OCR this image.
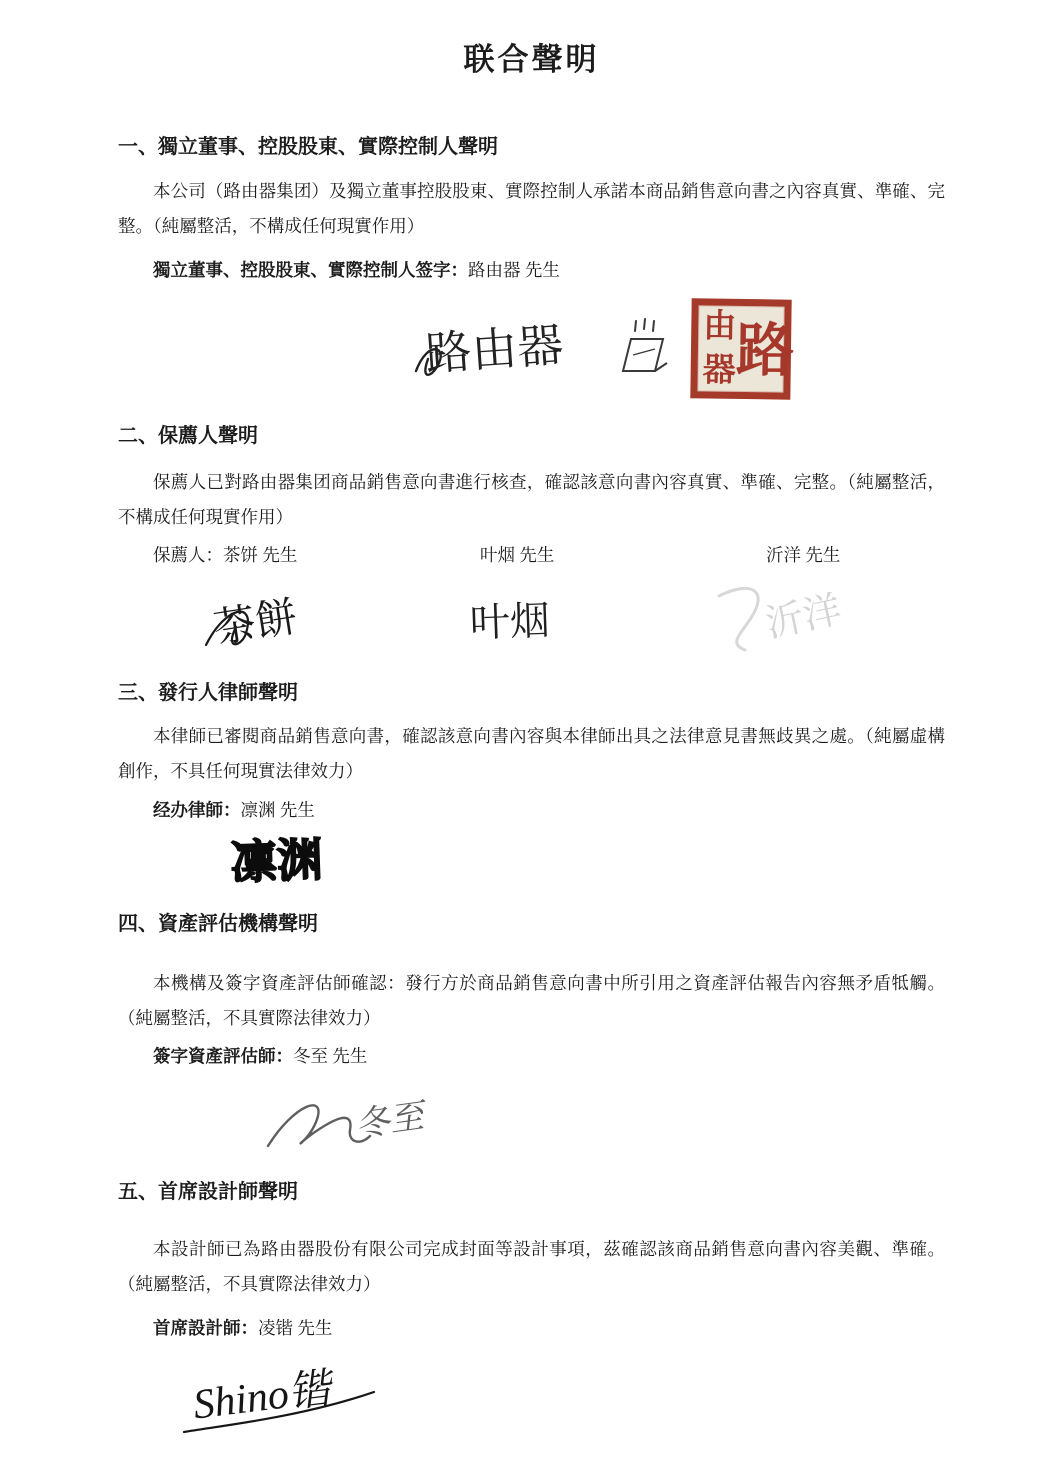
联合聲明
一、獨立董事、控股股東、實際控制人聲明

本公司（路由器集团）及獨立董事控股股東、實際控制人承諾本商品銷售意向書之內容真實、準確、完整。（純屬整活，不構成任何現實作用）

獨立董事、控股股東、實際控制人签字：路由器 先生

路由器	由
器 路
二、保薦人聲明

保薦人已對路由器集团商品銷售意向書進行核查，確認該意向書內容真實、準確、完整。（純屬整活，不構成任何現實作用）

保薦人：茶饼 先生	叶烟 先生	沂洋 先生
茶餅	叶烟	沂洋
三、發行人律師聲明

本律師已審閱商品銷售意向書，確認該意向書內容與本律師出具之法律意見書無歧異之處。（純屬虛構創作，不具任何現實法律效力）

经办律師：凛渊 先生

凛渊
四、資產評估機構聲明

本機構及簽字資產評估師確認：發行方於商品銷售意向書中所引用之資產評估報告內容無矛盾牴觸。（純屬整活，不具實際法律效力）

簽字資產評估師：冬至 先生

冬至
五、首席設計師聲明

本設計師已為路由器股份有限公司完成封面等設計事項，茲確認該商品銷售意向書內容美觀、準確。（純屬整活，不具實際法律效力）

首席設計師：凌锴 先生

Shino锴
